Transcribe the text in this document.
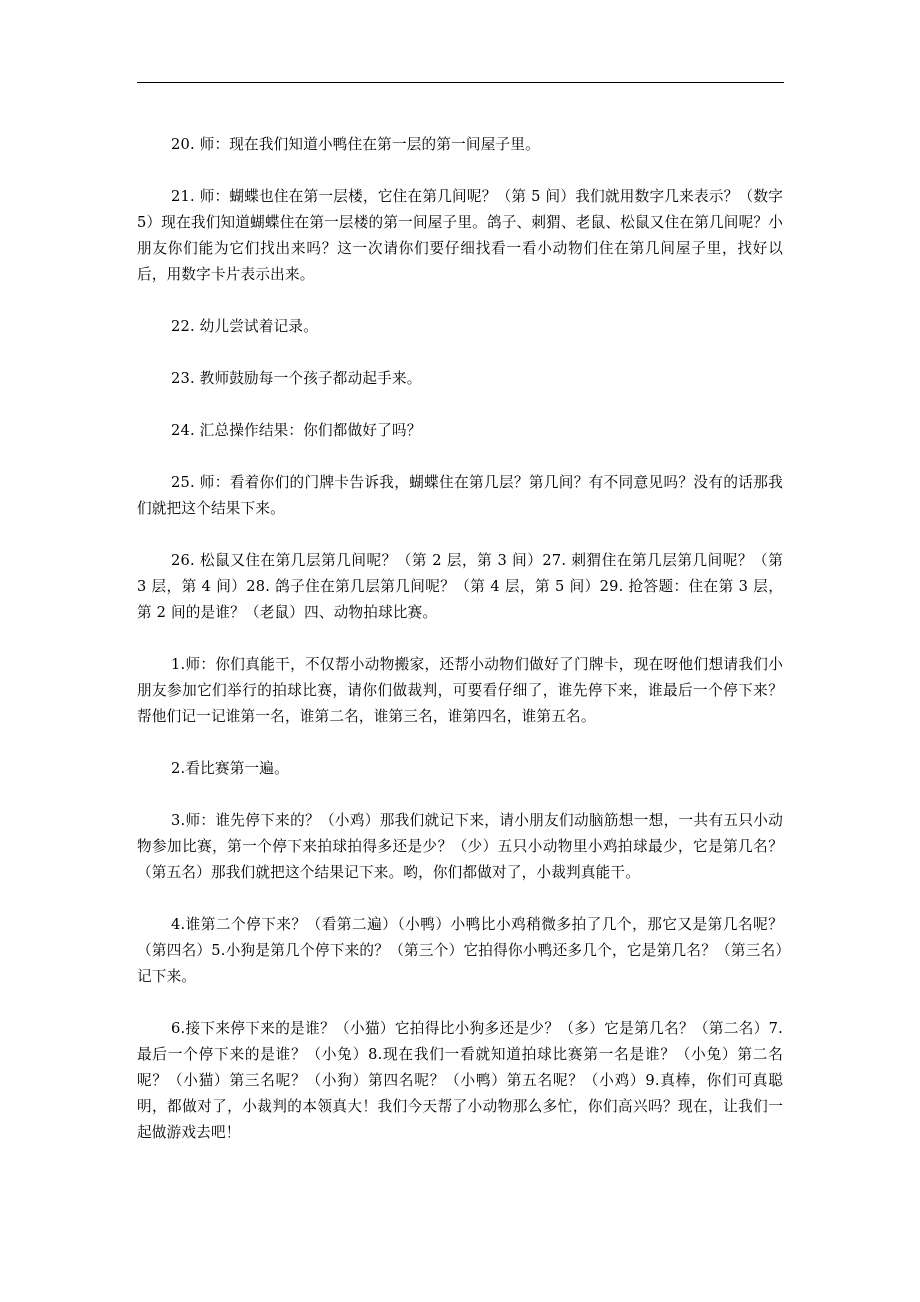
20. 师：现在我们知道小鸭住在第一层的第一间屋子里。

21. 师：蝴蝶也住在第一层楼，它住在第几间呢？（第 5 间）我们就用数字几来表示？（数字 5）现在我们知道蝴蝶住在第一层楼的第一间屋子里。鸽子、刺猬、老鼠、松鼠又住在第几间呢？小朋友你们能为它们找出来吗？这一次请你们要仔细找看一看小动物们住在第几间屋子里，找好以后，用数字卡片表示出来。

22. 幼儿尝试着记录。

23. 教师鼓励每一个孩子都动起手来。

24. 汇总操作结果：你们都做好了吗？

25. 师：看着你们的门牌卡告诉我，蝴蝶住在第几层？第几间？有不同意见吗？没有的话那我们就把这个结果下来。

26. 松鼠又住在第几层第几间呢？（第 2 层，第 3 间）27. 刺猬住在第几层第几间呢？（第 3 层，第 4 间）28. 鸽子住在第几层第几间呢？（第 4 层，第 5 间）29. 抢答题：住在第 3 层，第 2 间的是谁？（老鼠）四、动物拍球比赛。

1.师：你们真能干，不仅帮小动物搬家，还帮小动物们做好了门牌卡，现在呀他们想请我们小朋友参加它们举行的拍球比赛，请你们做裁判，可要看仔细了，谁先停下来，谁最后一个停下来？帮他们记一记谁第一名，谁第二名，谁第三名，谁第四名，谁第五名。

2.看比赛第一遍。

3.师：谁先停下来的？（小鸡）那我们就记下来，请小朋友们动脑筋想一想，一共有五只小动物参加比赛，第一个停下来拍球拍得多还是少？（少）五只小动物里小鸡拍球最少，它是第几名？（第五名）那我们就把这个结果记下来。哟，你们都做对了，小裁判真能干。

4.谁第二个停下来？（看第二遍）（小鸭）小鸭比小鸡稍微多拍了几个，那它又是第几名呢？（第四名）5.小狗是第几个停下来的？（第三个）它拍得你小鸭还多几个，它是第几名？（第三名）记下来。

6.接下来停下来的是谁？（小猫）它拍得比小狗多还是少？（多）它是第几名？（第二名）7.最后一个停下来的是谁？（小兔）8.现在我们一看就知道拍球比赛第一名是谁？（小兔）第二名呢？（小猫）第三名呢？（小狗）第四名呢？（小鸭）第五名呢？（小鸡）9.真棒，你们可真聪明，都做对了，小裁判的本领真大！我们今天帮了小动物那么多忙，你们高兴吗？现在，让我们一起做游戏去吧！
